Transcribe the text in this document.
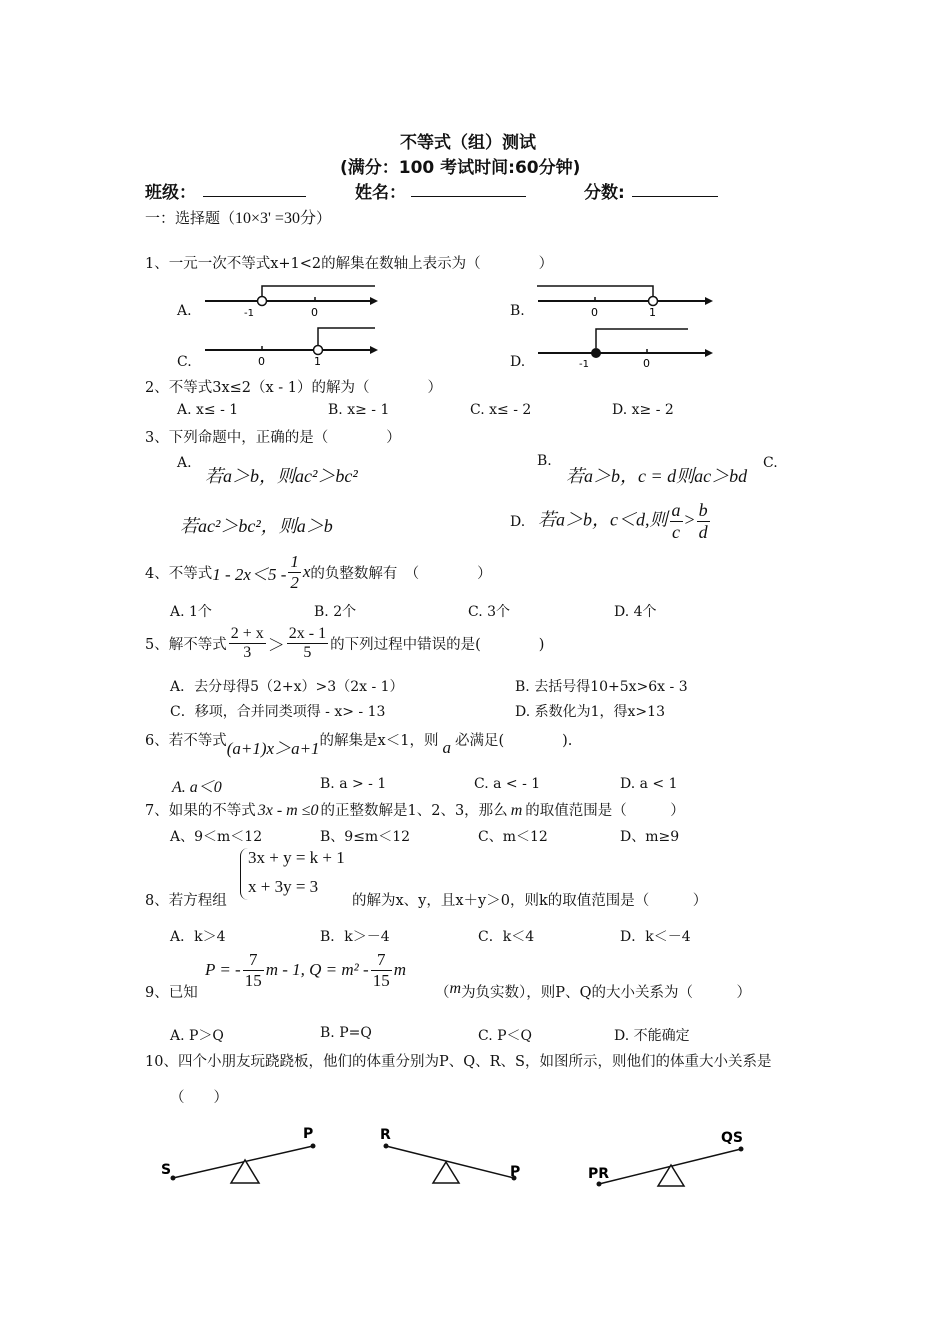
不等式（组）测试
(满分：100 考试时间:60分钟)
班级：	姓名：	分数:
一：选择题（10×3' =30分）
1、一元一次不等式x+1<2的解集在数轴上表示为（　　　　）
A.	B.
C.	D.
-1	0	0	1
0	1	-1	0
2、不等式3x≤2（x - 1）的解为（　　　　）
A. x≤ - 1	B. x≥ - 1	C. x≤ - 2	D. x≥ - 2
3、下列命题中，正确的是（　　　　）
A.
若a＞b，则ac²＞bc²
B.
若a＞b，c = d则ac＞bd
C.
若ac²＞bc²，则a＞b	D. 若a＞b，c＜d,则 $\frac{a}{c} > \frac{b}{d}$
4、不等式 $1 - 2x<5 - \frac{1}{2}$ x 的负整数解有　（　　　　）
A. 1个	B. 2个	C. 3个	D. 4个
5、解不等式 $\frac{2 + x}{3} > \frac{2x - 1}{5}$ 的下列过程中错误的是(　　　　)
A．去分母得5（2+x）>3（2x - 1）	B. 去括号得10+5x>6x - 3
C．移项，合并同类项得 - x> - 13	D. 系数化为1，得x>13
6、若不等式 (a+1)x＞a+1 的解集是x＜1，则 a 必满足(　　　　).
A. a＜0	B. a > - 1	C. a < - 1	D. a < 1
7、如果的不等式 3x - m ≤0 的正整数解是1、2、3，那么 m 的取值范围是（　　　）
A、9＜m＜12	B、9≤m＜12	C、m＜12	D、m≥9
8、若方程组
3x + y = k + 1
x + 3y = 3
的解为x、y，且x＋y＞0，则k的取值范围是（　　　）
A．k＞4	B．k＞－4	C．k＜4	D．k＜－4
9、已知
P = - $\frac{7}{15}$ m - 1, $Q = m^2 - \frac{7}{15}$ m
（m为负实数），则P、Q的大小关系为（　　　）
A. P＞Q	B. P=Q	C. P＜Q	D. 不能确定
10、四个小朋友玩跷跷板，他们的体重分别为P、Q、R、S，如图所示，则他们的体重大小关系是
（　　）
S
P	R
P	PR
QS
